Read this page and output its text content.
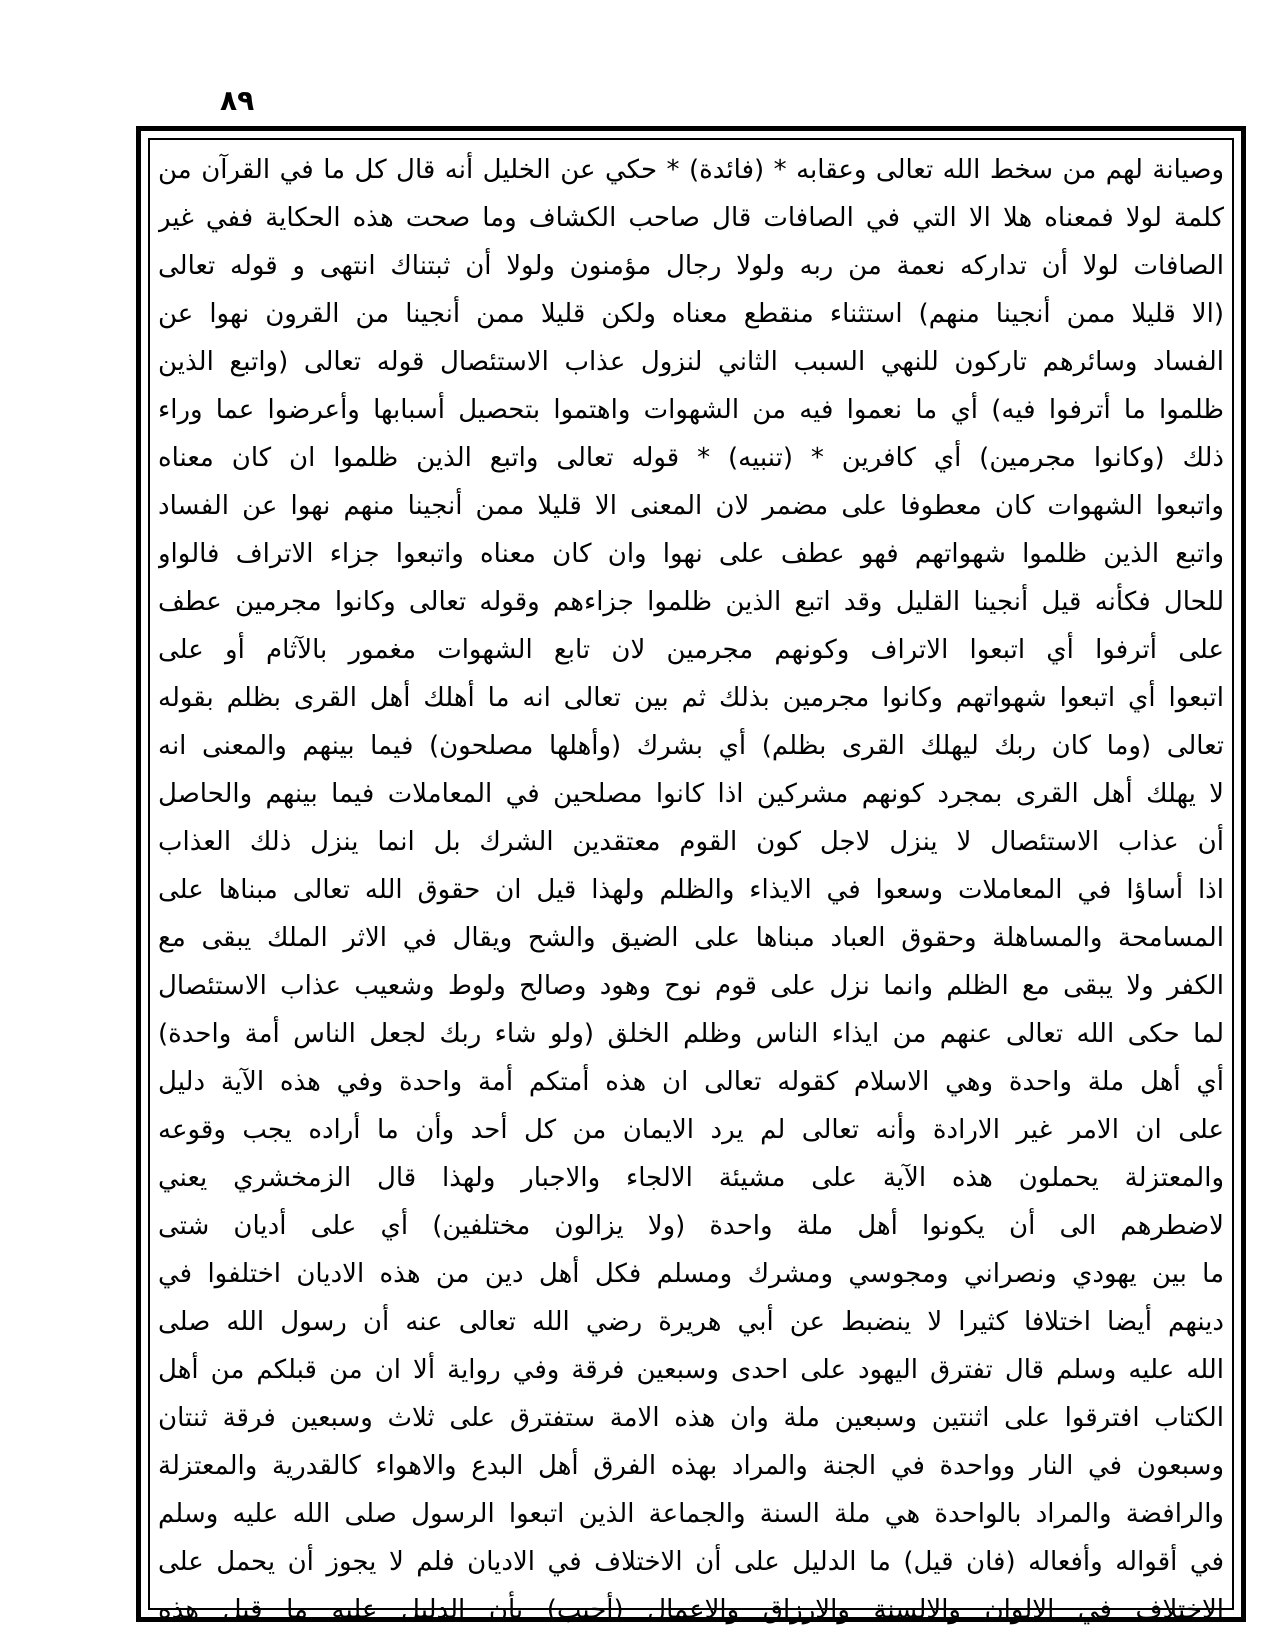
٨٩
وصيانة لهم من سخط الله تعالى وعقابه * (فائدة) * حكي عن الخليل أنه قال كل ما في القرآن من
كلمة لولا فمعناه هلا الا التي في الصافات قال صاحب الكشاف وما صحت هذه الحكاية ففي غير
الصافات لولا أن تداركه نعمة من ربه ولولا رجال مؤمنون ولولا أن ثبتناك انتهى و قوله تعالى
(الا قليلا ممن أنجينا منهم) استثناء منقطع معناه ولكن قليلا ممن أنجينا من القرون نهوا عن
الفساد وسائرهم تاركون للنهي السبب الثاني لنزول عذاب الاستئصال قوله تعالى (واتبع الذين
ظلموا ما أترفوا فيه) أي ما نعموا فيه من الشهوات واهتموا بتحصيل أسبابها وأعرضوا عما وراء
ذلك (وكانوا مجرمين) أي كافرين * (تنبيه) * قوله تعالى واتبع الذين ظلموا ان كان معناه
واتبعوا الشهوات كان معطوفا على مضمر لان المعنى الا قليلا ممن أنجينا منهم نهوا عن الفساد
واتبع الذين ظلموا شهواتهم فهو عطف على نهوا وان كان معناه واتبعوا جزاء الاتراف فالواو
للحال فكأنه قيل أنجينا القليل وقد اتبع الذين ظلموا جزاءهم وقوله تعالى وكانوا مجرمين عطف
على أترفوا أي اتبعوا الاتراف وكونهم مجرمين لان تابع الشهوات مغمور بالآثام أو على
اتبعوا أي اتبعوا شهواتهم وكانوا مجرمين بذلك ثم بين تعالى انه ما أهلك أهل القرى بظلم بقوله
تعالى (وما كان ربك ليهلك القرى بظلم) أي بشرك (وأهلها مصلحون) فيما بينهم والمعنى انه
لا يهلك أهل القرى بمجرد كونهم مشركين اذا كانوا مصلحين في المعاملات فيما بينهم والحاصل
أن عذاب الاستئصال لا ينزل لاجل كون القوم معتقدين الشرك بل انما ينزل ذلك العذاب
اذا أساؤا في المعاملات وسعوا في الايذاء والظلم ولهذا قيل ان حقوق الله تعالى مبناها على
المسامحة والمساهلة وحقوق العباد مبناها على الضيق والشح ويقال في الاثر الملك يبقى مع
الكفر ولا يبقى مع الظلم وانما نزل على قوم نوح وهود وصالح ولوط وشعيب عذاب الاستئصال
لما حكى الله تعالى عنهم من ايذاء الناس وظلم الخلق (ولو شاء ربك لجعل الناس أمة واحدة)
أي أهل ملة واحدة وهي الاسلام كقوله تعالى ان هذه أمتكم أمة واحدة وفي هذه الآية دليل
على ان الامر غير الارادة وأنه تعالى لم يرد الايمان من كل أحد وأن ما أراده يجب وقوعه
والمعتزلة يحملون هذه الآية على مشيئة الالجاء والاجبار ولهذا قال الزمخشري يعني
لاضطرهم الى أن يكونوا أهل ملة واحدة (ولا يزالون مختلفين) أي على أديان شتى
ما بين يهودي ونصراني ومجوسي ومشرك ومسلم فكل أهل دين من هذه الاديان اختلفوا في
دينهم أيضا اختلافا كثيرا لا ينضبط عن أبي هريرة رضي الله تعالى عنه أن رسول الله صلى
الله عليه وسلم قال تفترق اليهود على احدى وسبعين فرقة وفي رواية ألا ان من قبلكم من أهل
الكتاب افترقوا على اثنتين وسبعين ملة وان هذه الامة ستفترق على ثلاث وسبعين فرقة ثنتان
وسبعون في النار وواحدة في الجنة والمراد بهذه الفرق أهل البدع والاهواء كالقدرية والمعتزلة
والرافضة والمراد بالواحدة هي ملة السنة والجماعة الذين اتبعوا الرسول صلى الله عليه وسلم
في أقواله وأفعاله (فان قيل) ما الدليل على أن الاختلاف في الاديان فلم لا يجوز أن يحمل على
الاختلاف في الالوان والالسنة والارزاق والاعمال (أجيب) بأن الدليل عليه ما قبل هذه
